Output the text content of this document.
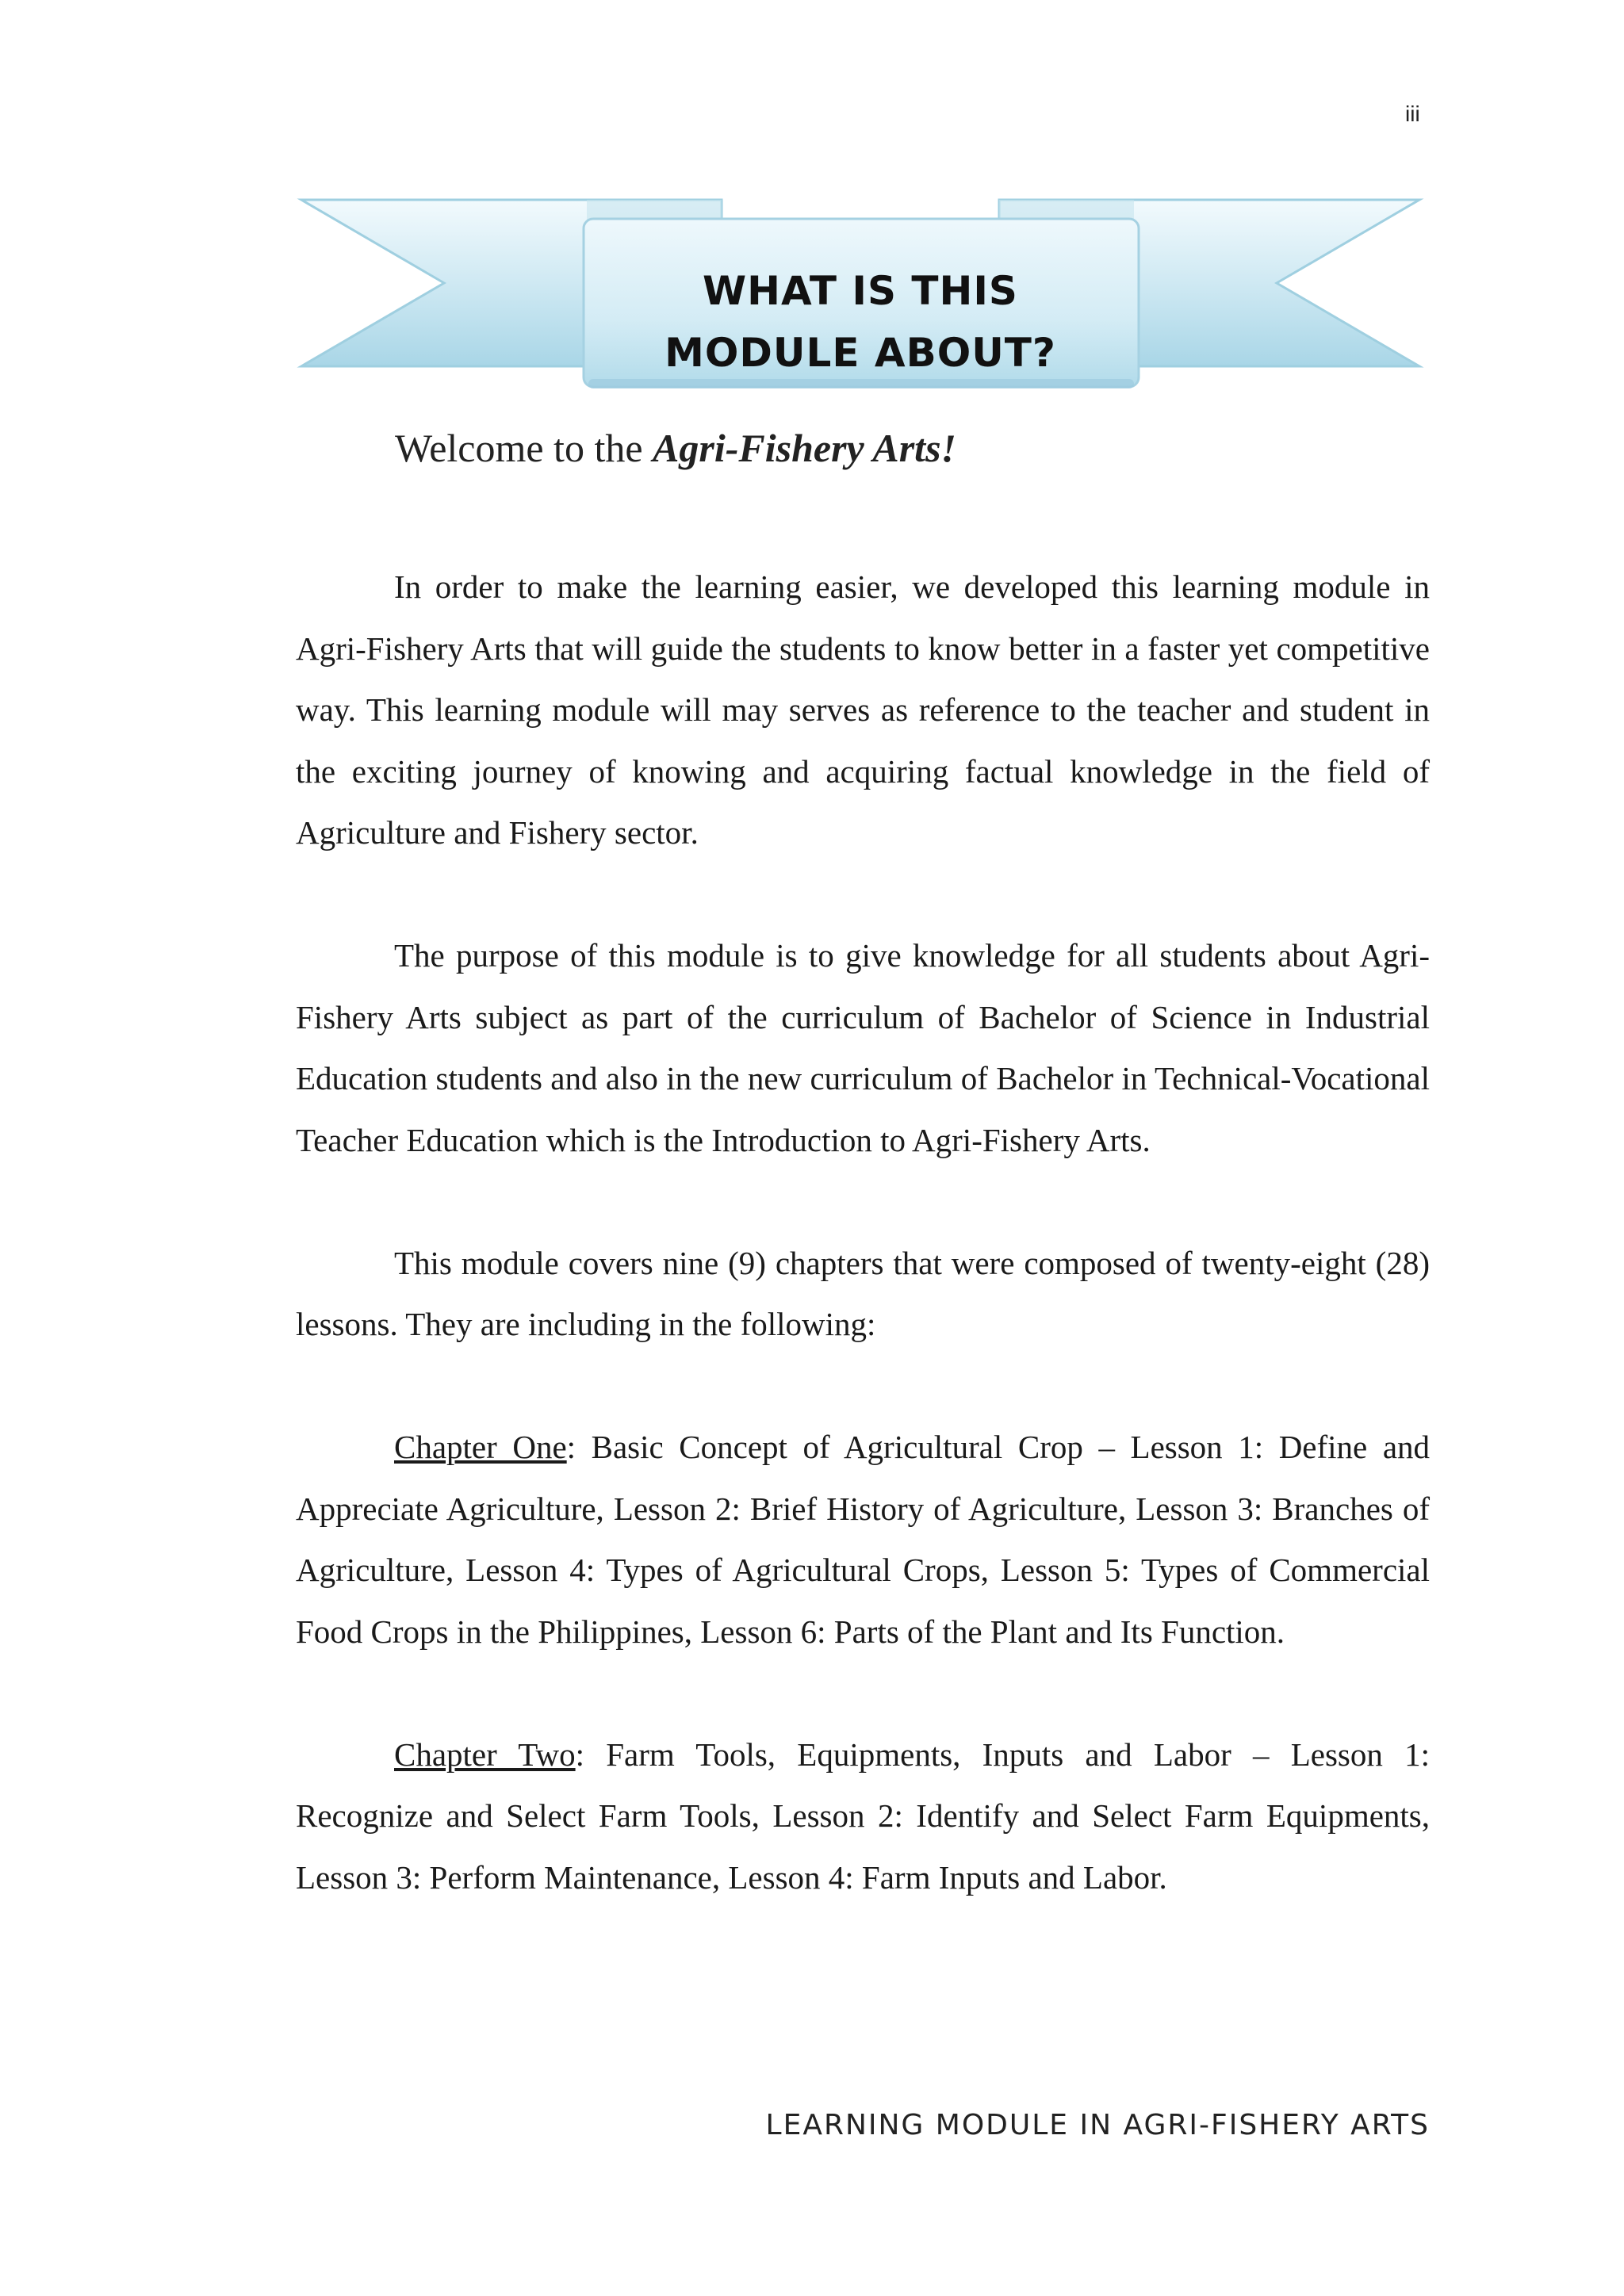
iii
WHAT IS THIS
MODULE ABOUT?
Welcome to the Agri-Fishery Arts!

In order to make the learning easier, we developed this learning module in Agri-Fishery Arts that will guide the students to know better in a faster yet competitive way. This learning module will may serves as reference to the teacher and student in the exciting journey of knowing and acquiring factual knowledge in the field of Agriculture and Fishery sector.

The purpose of this module is to give knowledge for all students about Agri-Fishery Arts subject as part of the curriculum of Bachelor of Science in Industrial Education students and also in the new curriculum of Bachelor in Technical-Vocational Teacher Education which is the Introduction to Agri-Fishery Arts.

This module covers nine (9) chapters that were composed of twenty-eight (28) lessons. They are including in the following:

Chapter One: Basic Concept of Agricultural Crop – Lesson 1: Define and Appreciate Agriculture, Lesson 2: Brief History of Agriculture, Lesson 3: Branches of Agriculture, Lesson 4: Types of Agricultural Crops, Lesson 5: Types of Commercial Food Crops in the Philippines, Lesson 6: Parts of the Plant and Its Function.

Chapter Two: Farm Tools, Equipments, Inputs and Labor – Lesson 1: Recognize and Select Farm Tools, Lesson 2: Identify and Select Farm Equipments, Lesson 3: Perform Maintenance, Lesson 4: Farm Inputs and Labor.

LEARNING MODULE IN AGRI-FISHERY ARTS
